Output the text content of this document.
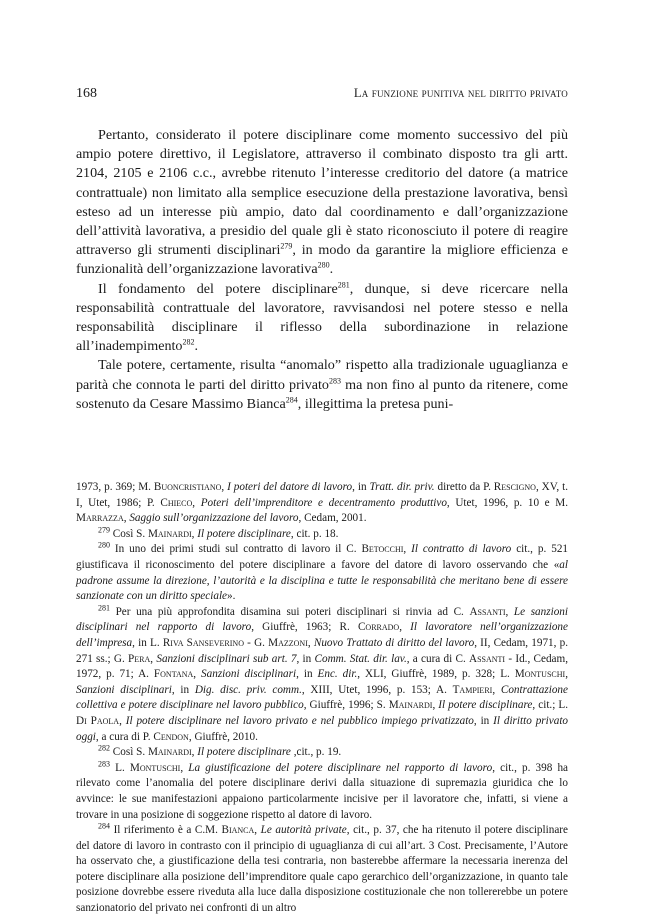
168	La funzione punitiva nel diritto privato

Pertanto, considerato il potere disciplinare come momento successivo del più ampio potere direttivo, il Legislatore, attraverso il combinato disposto tra gli artt. 2104, 2105 e 2106 c.c., avrebbe ritenuto l’interesse creditorio del datore (a matrice contrattuale) non limitato alla semplice esecuzione della prestazione lavorativa, bensì esteso ad un interesse più ampio, dato dal coordinamento e dall’organizzazione dell’attività lavorativa, a presidio del quale gli è stato riconosciuto il potere di reagire attraverso gli strumenti disciplinari$^{279}$, in modo da garantire la migliore efficienza e funzionalità dell’organizzazione lavorativa$^{280}$.

Il fondamento del potere disciplinare$^{281}$, dunque, si deve ricercare nella responsabilità contrattuale del lavoratore, ravvisandosi nel potere stesso e nella responsabilità disciplinare il riflesso della subordinazione in relazione all’inadempimento$^{282}$.

Tale potere, certamente, risulta “anomalo” rispetto alla tradizionale uguaglianza e parità che connota le parti del diritto privato$^{283}$ ma non fino al punto da ritenere, come sostenuto da Cesare Massimo Bianca$^{284}$, illegittima la pretesa puni-

1973, p. 369; M. Buoncristiano, I poteri del datore di lavoro, in Tratt. dir. priv. diretto da P. Rescigno, XV, t. I, Utet, 1986; P. Chieco, Poteri dell’imprenditore e decentramento produttivo, Utet, 1996, p. 10 e M. Marrazza, Saggio sull’organizzazione del lavoro, Cedam, 2001.

$^{279}$ Così S. Mainardi, Il potere disciplinare, cit. p. 18.

$^{280}$ In uno dei primi studi sul contratto di lavoro il C. Betocchi, Il contratto di lavoro cit., p. 521 giustificava il riconoscimento del potere disciplinare a favore del datore di lavoro osservando che «al padrone assume la direzione, l’autorità e la disciplina e tutte le responsabilità che meritano bene di essere sanzionate con un diritto speciale».

$^{281}$ Per una più approfondita disamina sui poteri disciplinari si rinvia ad C. Assanti, Le sanzioni disciplinari nel rapporto di lavoro, Giuffrè, 1963; R. Corrado, Il lavoratore nell’organizzazione dell’impresa, in L. Riva Sanseverino - G. Mazzoni, Nuovo Trattato di diritto del lavoro, II, Cedam, 1971, p. 271 ss.; G. Pera, Sanzioni disciplinari sub art. 7, in Comm. Stat. dir. lav., a cura di C. Assanti - Id., Cedam, 1972, p. 71; A. Fontana, Sanzioni disciplinari, in Enc. dir., XLI, Giuffrè, 1989, p. 328; L. Montuschi, Sanzioni disciplinari, in Dig. disc. priv. comm., XIII, Utet, 1996, p. 153; A. Tampieri, Contrattazione collettiva e potere disciplinare nel lavoro pubblico, Giuffrè, 1996; S. Mainardi, Il potere disciplinare, cit.; L. Di Paola, Il potere disciplinare nel lavoro privato e nel pubblico impiego privatizzato, in Il diritto privato oggi, a cura di P. Cendon, Giuffrè, 2010.

$^{282}$ Così S. Mainardi, Il potere disciplinare ,cit., p. 19.

$^{283}$ L. Montuschi, La giustificazione del potere disciplinare nel rapporto di lavoro, cit., p. 398 ha rilevato come l’anomalia del potere disciplinare derivi dalla situazione di supremazia giuridica che lo avvince: le sue manifestazioni appaiono particolarmente incisive per il lavoratore che, infatti, si viene a trovare in una posizione di soggezione rispetto al datore di lavoro.

$^{284}$ Il riferimento è a C.M. Bianca, Le autorità private, cit., p. 37, che ha ritenuto il potere disciplinare del datore di lavoro in contrasto con il principio di uguaglianza di cui all’art. 3 Cost. Precisamente, l’Autore ha osservato che, a giustificazione della tesi contraria, non basterebbe affermare la necessaria inerenza del potere disciplinare alla posizione dell’imprenditore quale capo gerarchico dell’organizzazione, in quanto tale posizione dovrebbe essere riveduta alla luce dalla disposizione costituzionale che non tollererebbe un potere sanzionatorio del privato nei confronti di un altro
